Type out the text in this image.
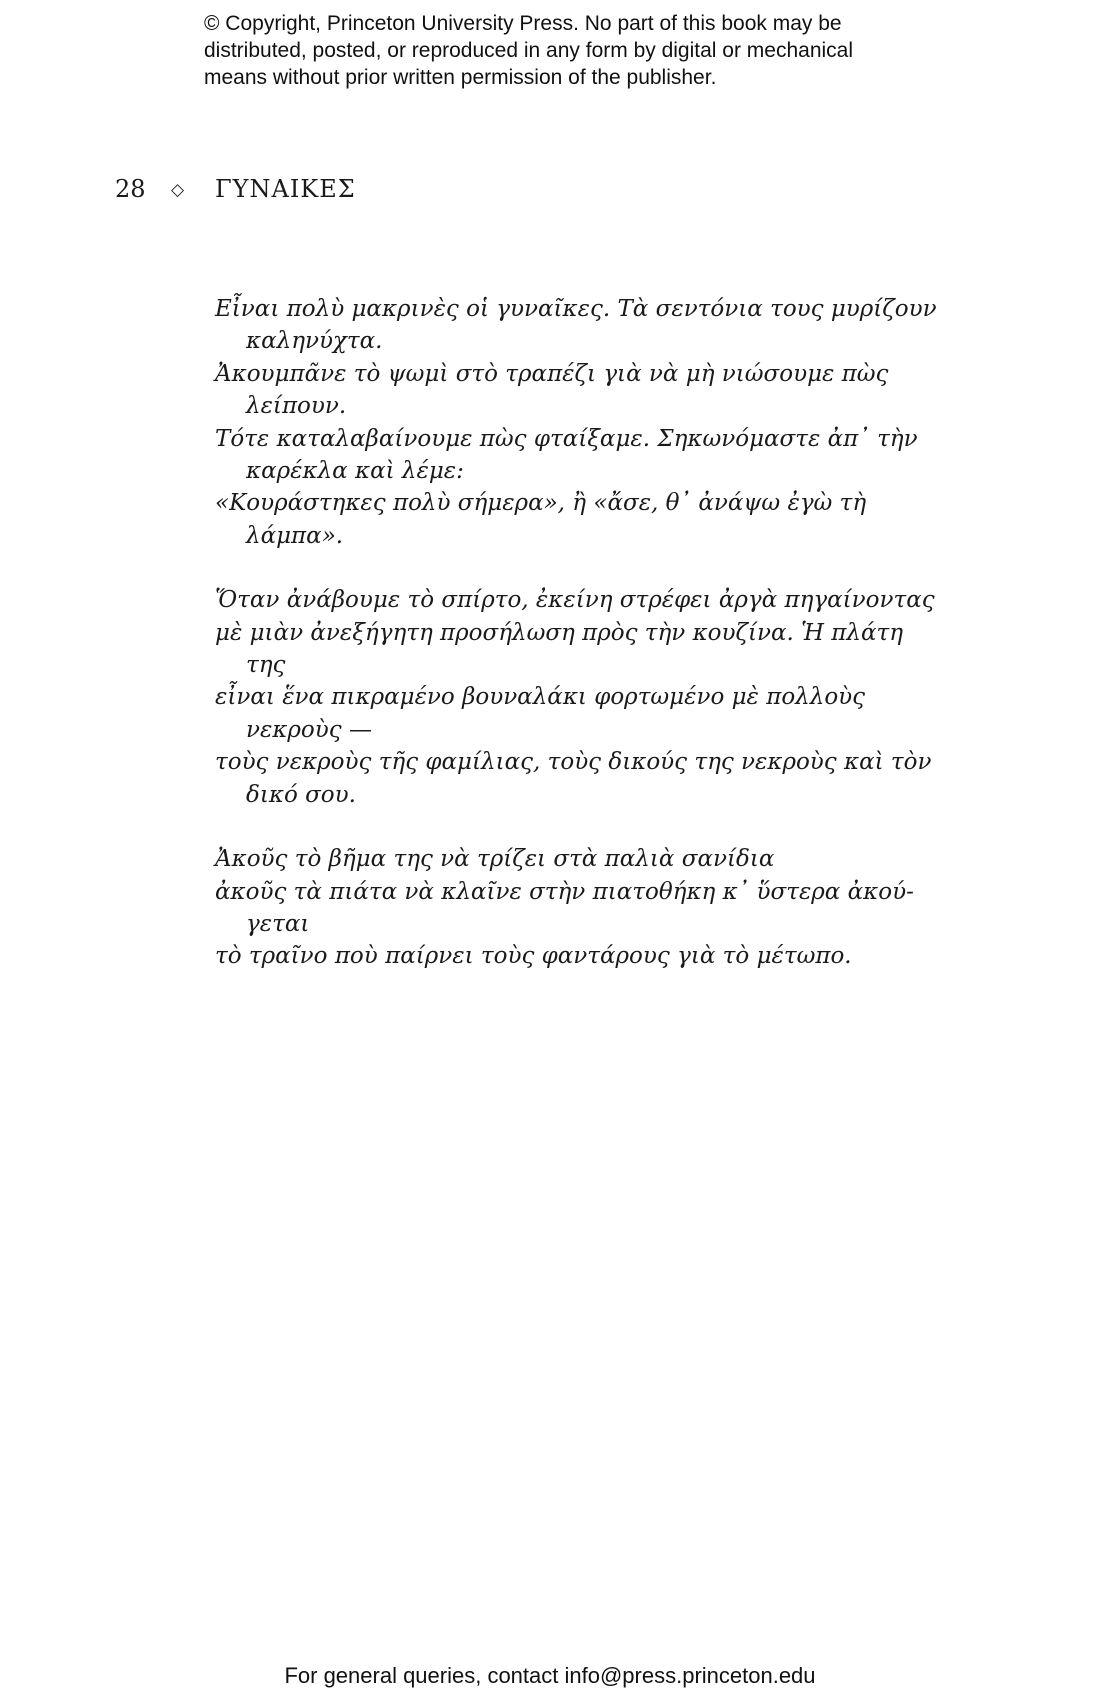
© Copyright, Princeton University Press. No part of this book may be
distributed, posted, or reproduced in any form by digital or mechanical
means without prior written permission of the publisher.
28 ◇ ΓΥΝΑΙΚΕΣ
Εἶναι πολὺ μακρινὲς οἱ γυναῖκες. Τὰ σεντόνια τους μυρίζουν
καληνύχτα.
Ἀκουμπᾶνε τὸ ψωμὶ στὸ τραπέζι γιὰ νὰ μὴ νιώσουμε πὼς
λείπουν.
Τότε καταλαβαίνουμε πὼς φταίξαμε. Σηκωνόμαστε ἀπ᾽ τὴν
καρέκλα καὶ λέμε:
«Κουράστηκες πολὺ σήμερα», ἢ «ἄσε, θ᾽ ἀνάψω ἐγὼ τὴ
λάμπα».
Ὅταν ἀνάβουμε τὸ σπίρτο, ἐκείνη στρέφει ἀργὰ πηγαίνοντας
μὲ μιὰν ἀνεξήγητη προσήλωση πρὸς τὴν κουζίνα. Ἡ πλάτη
της
εἶναι ἕνα πικραμένο βουναλάκι φορτωμένο μὲ πολλοὺς
νεκροὺς —
τοὺς νεκροὺς τῆς φαμίλιας, τοὺς δικούς της νεκροὺς καὶ τὸν
δικό σου.
Ἀκοῦς τὸ βῆμα της νὰ τρίζει στὰ παλιὰ σανίδια
ἀκοῦς τὰ πιάτα νὰ κλαῖνε στὴν πιατοθήκη κ᾽ ὕστερα ἀκού-
γεται
τὸ τραῖνο ποὺ παίρνει τοὺς φαντάρους γιὰ τὸ μέτωπο.
For general queries, contact info@press.princeton.edu
